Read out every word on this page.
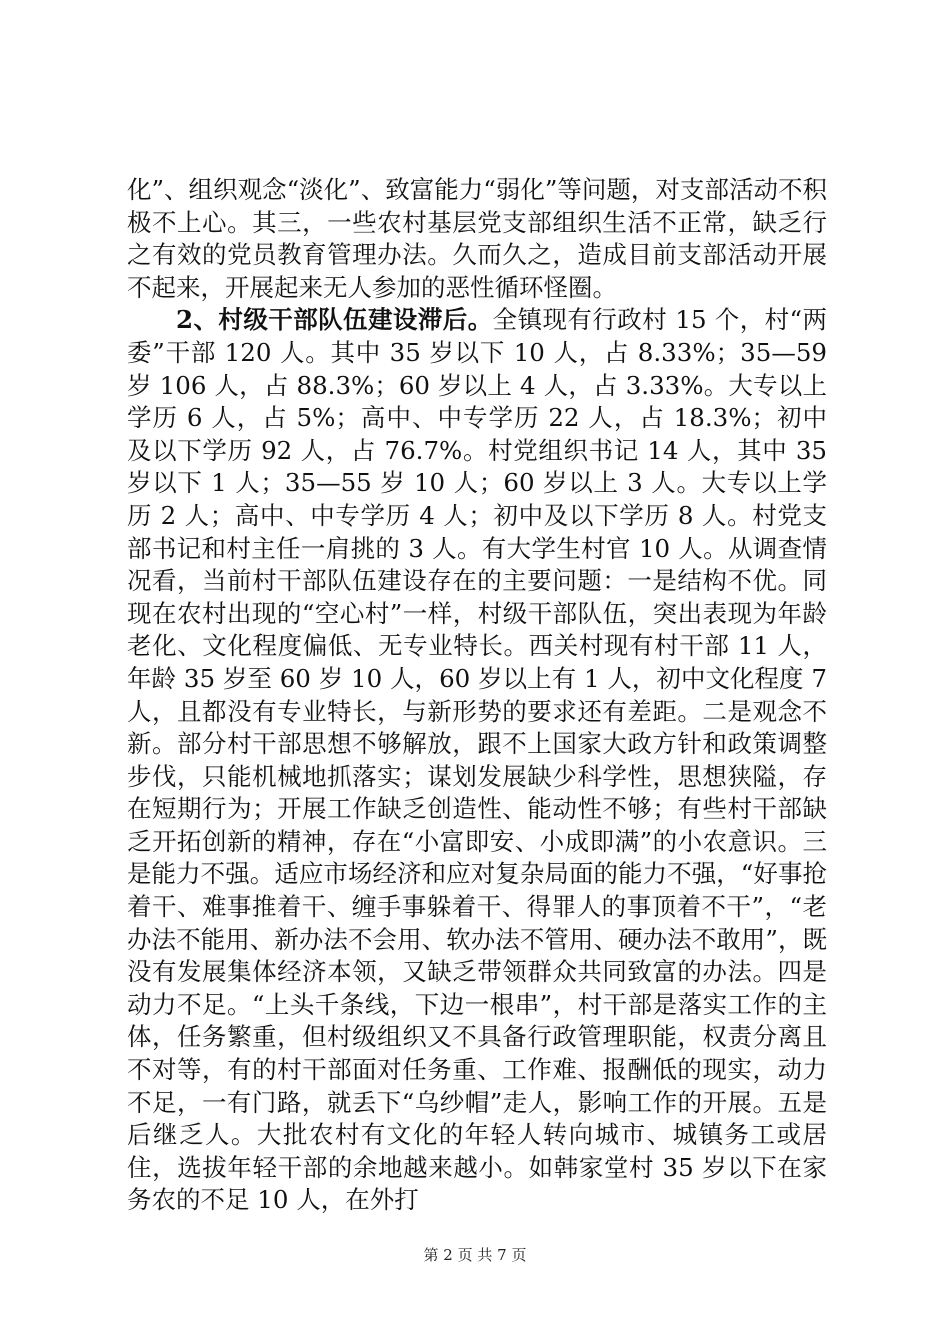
化”、组织观念“淡化”、致富能力“弱化”等问题，对支部活动不积极不上心。其三，一些农村基层党支部组织生活不正常，缺乏行之有效的党员教育管理办法。久而久之，造成目前支部活动开展不起来，开展起来无人参加的恶性循环怪圈。

2、村级干部队伍建设滞后。全镇现有行政村 15 个，村“两委”干部 120 人。其中 35 岁以下 10 人，占 8.33%；35—59 岁 106 人，占 88.3%；60 岁以上 4 人，占 3.33%。大专以上学历 6 人，占 5%；高中、中专学历 22 人，占 18.3%；初中及以下学历 92 人，占 76.7%。村党组织书记 14 人，其中 35 岁以下 1 人；35—55 岁 10 人；60 岁以上 3 人。大专以上学历 2 人；高中、中专学历 4 人；初中及以下学历 8 人。村党支部书记和村主任一肩挑的 3 人。有大学生村官 10 人。从调查情况看，当前村干部队伍建设存在的主要问题：一是结构不优。同现在农村出现的“空心村”一样，村级干部队伍，突出表现为年龄老化、文化程度偏低、无专业特长。西关村现有村干部 11 人，年龄 35 岁至 60 岁 10 人，60 岁以上有 1 人，初中文化程度 7 人，且都没有专业特长，与新形势的要求还有差距。二是观念不新。部分村干部思想不够解放，跟不上国家大政方针和政策调整步伐，只能机械地抓落实；谋划发展缺少科学性，思想狭隘，存在短期行为；开展工作缺乏创造性、能动性不够；有些村干部缺乏开拓创新的精神，存在“小富即安、小成即满”的小农意识。三是能力不强。适应市场经济和应对复杂局面的能力不强，“好事抢着干、难事推着干、缠手事躲着干、得罪人的事顶着不干”，“老办法不能用、新办法不会用、软办法不管用、硬办法不敢用”，既没有发展集体经济本领，又缺乏带领群众共同致富的办法。四是动力不足。“上头千条线，下边一根串”，村干部是落实工作的主体，任务繁重，但村级组织又不具备行政管理职能，权责分离且不对等，有的村干部面对任务重、工作难、报酬低的现实，动力不足，一有门路，就丢下“乌纱帽”走人，影响工作的开展。五是后继乏人。大批农村有文化的年轻人转向城市、城镇务工或居住，选拔年轻干部的余地越来越小。如韩家堂村 35 岁以下在家务农的不足 10 人，在外打

第 2 页 共 7 页
